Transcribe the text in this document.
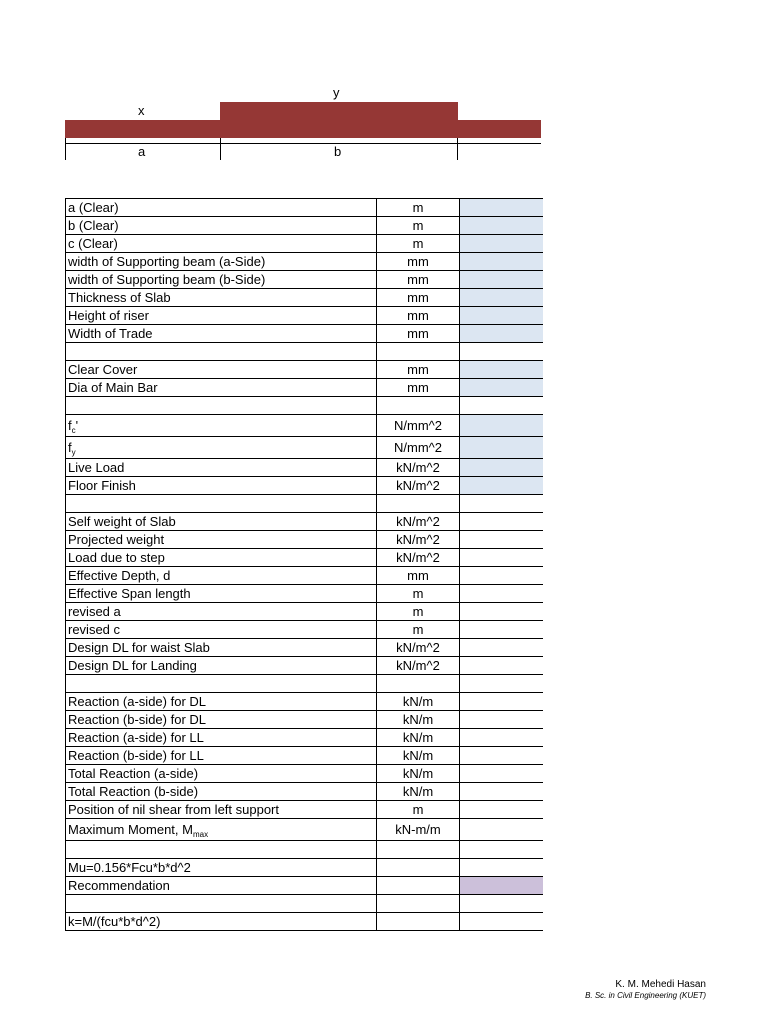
y
x
a	b
a (Clear)	m	
b (Clear)	m	
c (Clear)	m	
width of Supporting beam (a-Side)	mm	
width of Supporting beam (b-Side)	mm	
Thickness of Slab	mm	
Height of riser	mm	
Width of Trade	mm	

Clear Cover	mm	
Dia of Main Bar	mm	

$f_c'$	N/mm^2	
$f_y$	N/mm^2	
Live Load	kN/m^2	
Floor Finish	kN/m^2	

Self weight of Slab	kN/m^2	
Projected weight	kN/m^2	
Load due to step	kN/m^2	
Effective Depth, d	mm	
Effective Span length	m	
revised a	m	
revised c	m	
Design DL for waist Slab	kN/m^2	
Design DL for Landing	kN/m^2	

Reaction (a-side) for DL	kN/m	
Reaction (b-side) for DL	kN/m	
Reaction (a-side) for LL	kN/m	
Reaction (b-side) for LL	kN/m	
Total Reaction (a-side)	kN/m	
Total Reaction (b-side)	kN/m	
Position of nil shear from left support	m	
Maximum Moment, $M_{max}$	kN-m/m	

Mu=0.156*Fcu*b*d^2		
Recommendation		

k=M/(fcu*b*d^2)		
K. M. Mehedi Hasan
B. Sc. in Civil Engineering (KUET)
